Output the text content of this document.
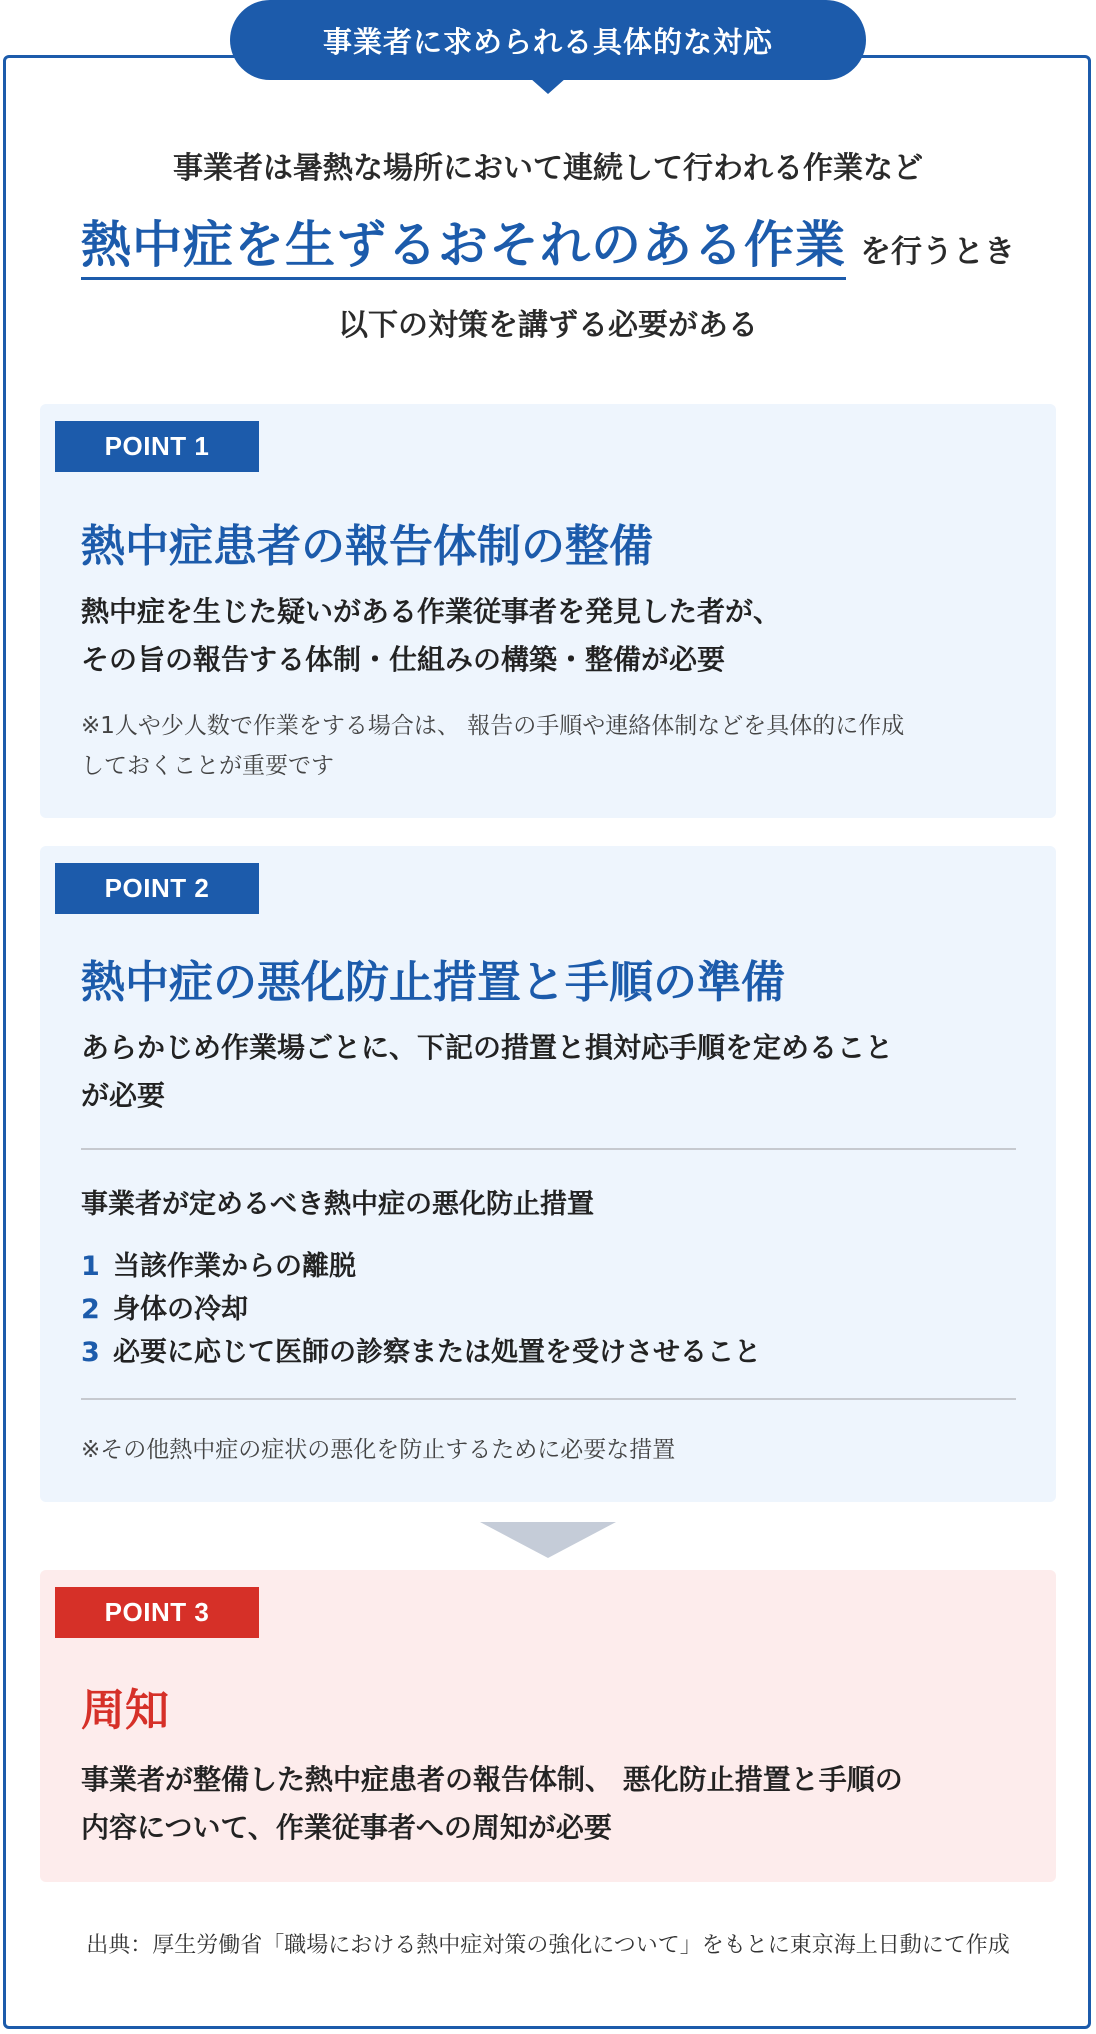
事業者に求められる具体的な対応
事業者は暑熱な場所において連続して行われる作業など
熱中症を生ずるおそれのある作業 を行うとき
以下の対策を講ずる必要がある
POINT 1
熱中症患者の報告体制の整備
熱中症を生じた疑いがある作業従事者を発見した者が、
その旨の報告する体制・仕組みの構築・整備が必要
※1人や少人数で作業をする場合は、 報告の手順や連絡体制などを具体的に作成
しておくことが重要です
POINT 2
熱中症の悪化防止措置と手順の準備
あらかじめ作業場ごとに、下記の措置と損対応手順を定めること
が必要
事業者が定めるべき熱中症の悪化防止措置
1 当該作業からの離脱
2 身体の冷却
3 必要に応じて医師の診察または処置を受けさせること
※その他熱中症の症状の悪化を防止するために必要な措置
POINT 3
周知
事業者が整備した熱中症患者の報告体制、 悪化防止措置と手順の
内容について、作業従事者への周知が必要
出典：厚生労働省「職場における熱中症対策の強化について」をもとに東京海上日動にて作成
